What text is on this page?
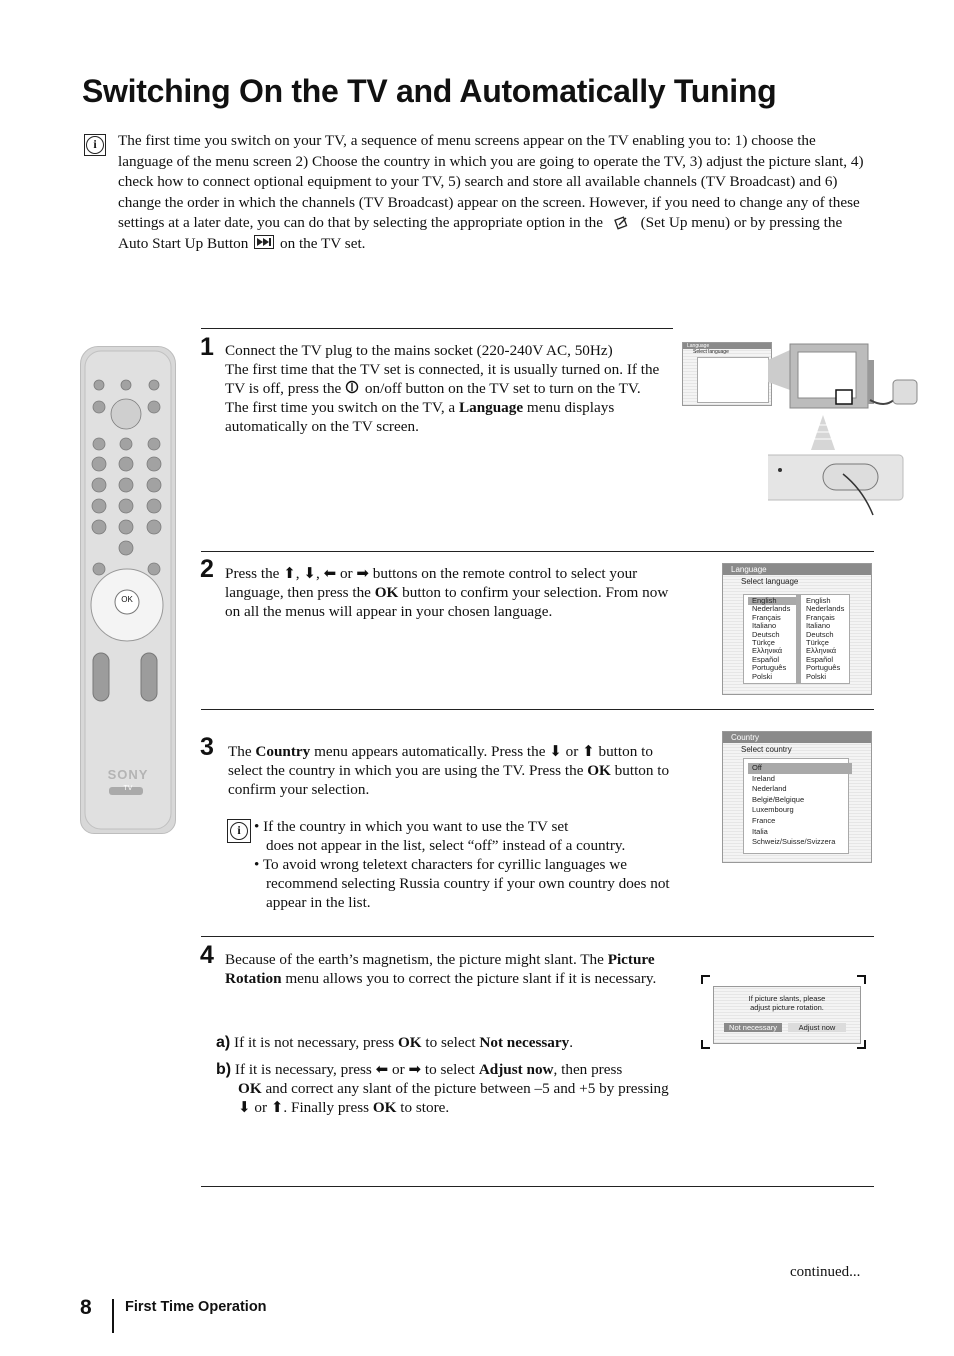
Switching On the TV and Automatically Tuning
i	The first time you switch on your TV, a sequence of menu screens appear on the TV enabling you to: 1) choose the language of the menu screen 2) Choose the country in which you are going to operate the TV, 3) adjust the picture slant, 4) check how to connect optional equipment to your TV, 5) search and store all available channels (TV Broadcast) and 6) change the order in which the channels (TV Broadcast) appear on the screen. However, if you need to change any of these settings at a later date, you can do that by selecting the appropriate option in the (Set Up menu) or by pressing the Auto Start Up Button on the TV set.
OK
SONY
TV
1 Connect the TV plug to the mains socket (220-240V AC, 50Hz)
The first time that the TV set is connected, it is usually turned on. If the TV is off, press the on/off button on the TV set to turn on the TV.
The first time you switch on the TV, a Language menu displays automatically on the TV screen.
Language
Select language
2 Press the ⬆, ⬇, ⬅ or ➡ buttons on the remote control to select your language, then press the OK button to confirm your selection. From now on all the menus will appear in your chosen language.
Language
Select language
English
Nederlands
Français
Italiano
Deutsch
Türkçe
Ελληνικά
Español
Português
Polski
English
Nederlands
Français
Italiano
Deutsch
Türkçe
Ελληνικά
Español
Português
Polski
3 The Country menu appears automatically. Press the ⬇ or ⬆ button to select the country in which you are using the TV. Press the OK button to confirm your selection.
i • If the country in which you want to use the TV set
does not appear in the list, select “off” instead of a country.
• To avoid wrong teletext characters for cyrillic languages we recommend selecting Russia country if your own country does not appear in the list.
Country
Select country
Off
Ireland
Nederland
België/Belgique
Luxembourg
France
Italia
Schweiz/Suisse/Svizzera
4 Because of the earth’s magnetism, the picture might slant. The Picture Rotation menu allows you to correct the picture slant if it is necessary.
a) If it is not necessary, press OK to select Not necessary.
b) If it is necessary, press ⬅ or ➡ to select Adjust now, then press
OK and correct any slant of the picture between –5 and +5 by pressing ⬇ or ⬆. Finally press OK to store.
If picture slants, please
adjust picture rotation.
Not necessary	Adjust now
continued...
8 First Time Operation
